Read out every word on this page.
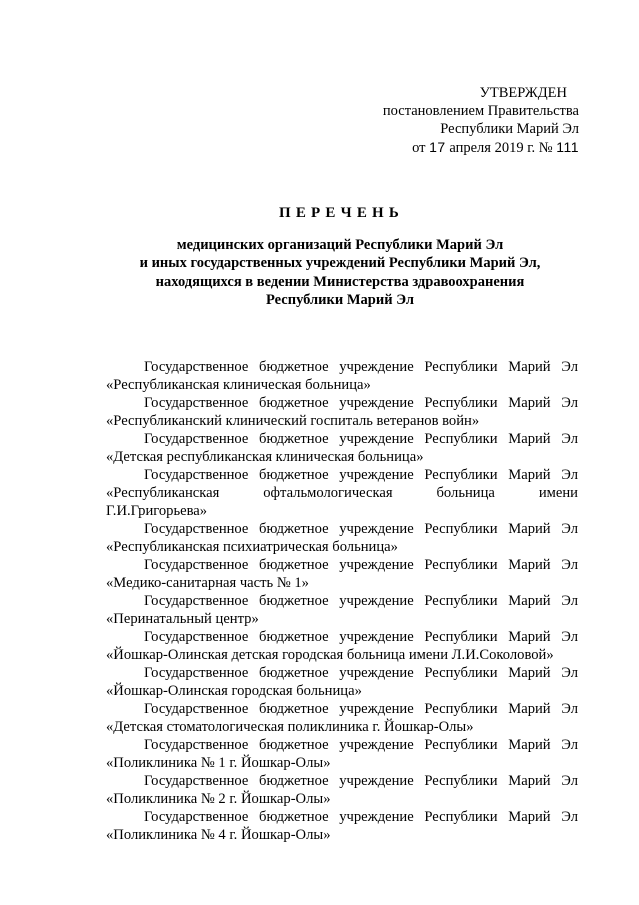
УТВЕРЖДЕН
постановлением Правительства
Республики Марий Эл
от 17 апреля 2019 г. № 111
ПЕРЕЧЕНЬ
медицинских организаций Республики Марий Эл
и иных государственных учреждений Республики Марий Эл,
находящихся в ведении Министерства здравоохранения
Республики Марий Эл

Государственное бюджетное учреждение Республики Марий Эл
«Республиканская клиническая больница»

Государственное бюджетное учреждение Республики Марий Эл
«Республиканский клинический госпиталь ветеранов войн»

Государственное бюджетное учреждение Республики Марий Эл
«Детская республиканская клиническая больница»

Государственное бюджетное учреждение Республики Марий Эл
«Республиканская офтальмологическая больница имени
Г.И.Григорьева»

Государственное бюджетное учреждение Республики Марий Эл
«Республиканская психиатрическая больница»

Государственное бюджетное учреждение Республики Марий Эл
«Медико-санитарная часть № 1»

Государственное бюджетное учреждение Республики Марий Эл
«Перинатальный центр»

Государственное бюджетное учреждение Республики Марий Эл
«Йошкар-Олинская детская городская больница имени Л.И.Соколовой»

Государственное бюджетное учреждение Республики Марий Эл
«Йошкар-Олинская городская больница»

Государственное бюджетное учреждение Республики Марий Эл
«Детская стоматологическая поликлиника г. Йошкар-Олы»

Государственное бюджетное учреждение Республики Марий Эл
«Поликлиника № 1 г. Йошкар-Олы»

Государственное бюджетное учреждение Республики Марий Эл
«Поликлиника № 2 г. Йошкар-Олы»

Государственное бюджетное учреждение Республики Марий Эл
«Поликлиника № 4 г. Йошкар-Олы»
